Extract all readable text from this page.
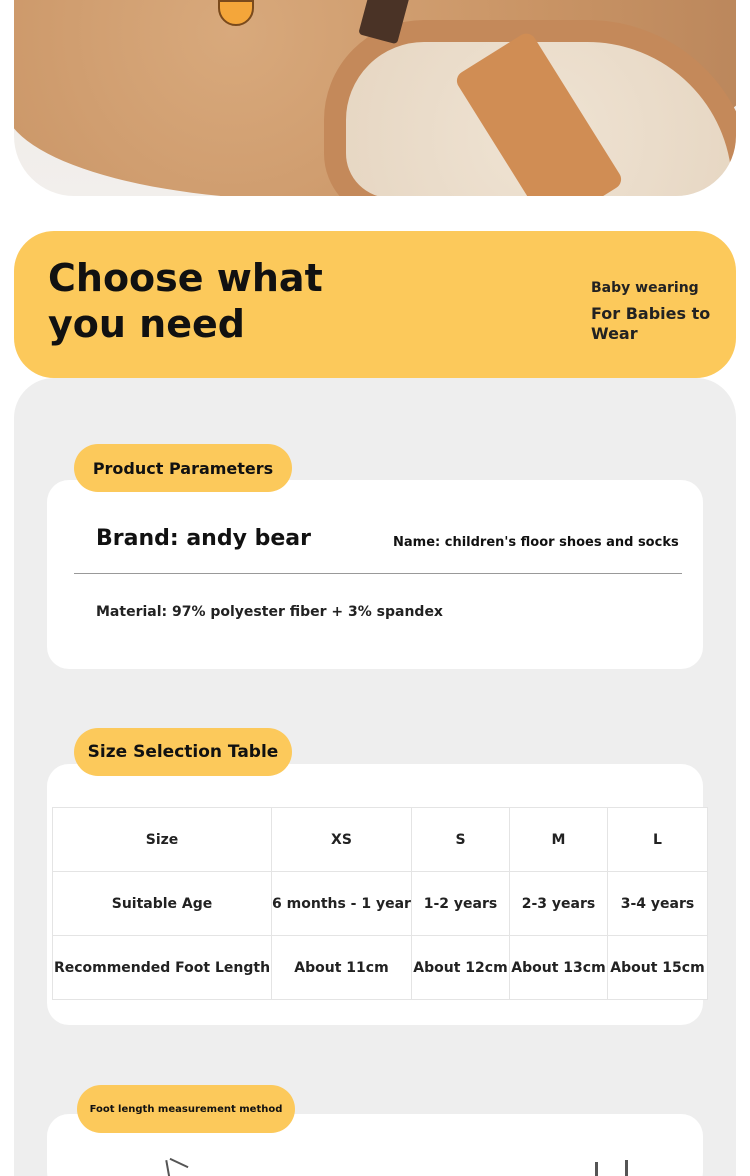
Choose what you need
Baby wearing
For Babies to Wear
Product Parameters
Brand: andy bear	Name: children's floor shoes and socks
Material: 97% polyester fiber + 3% spandex
Size Selection Table
Size	XS	S	M	L
Suitable Age	6 months - 1 year	1-2 years	2-3 years	3-4 years
Recommended Foot Length	About 11cm	About 12cm	About 13cm	About 15cm
Foot length measurement method
